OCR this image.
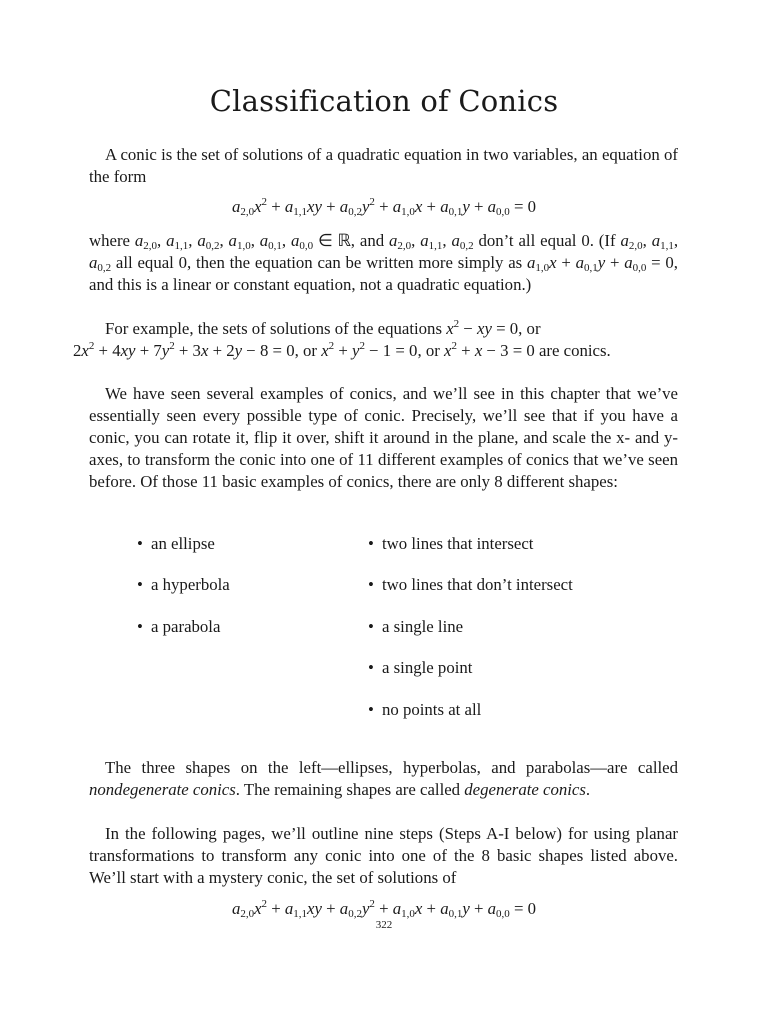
Classification of Conics

A conic is the set of solutions of a quadratic equation in two variables, an equation of the form

$a_{2,0}x^2 + a_{1,1}xy + a_{0,2}y^2 + a_{1,0}x + a_{0,1}y + a_{0,0} = 0$

where $a_{2,0}$, $a_{1,1}$, $a_{0,2}$, $a_{1,0}$, $a_{0,1}$, $a_{0,0}$ ∈ ℝ, and $a_{2,0}$, $a_{1,1}$, $a_{0,2}$ don’t all equal 0. (If $a_{2,0}$, $a_{1,1}$, $a_{0,2}$ all equal 0, then the equation can be written more simply as $a_{1,0}x + a_{0,1}y + a_{0,0} = 0$, and this is a linear or constant equation, not a quadratic equation.)

For example, the sets of solutions of the equations $x^2$ − xy = 0, or
$2x^2 + 4xy + 7y^2 + 3x + 2y - 8 = 0$, or $x^2 + y^2 - 1 = 0$, or $x^2 + x - 3 = 0$ are conics.

We have seen several examples of conics, and we’ll see in this chapter that we’ve essentially seen every possible type of conic. Precisely, we’ll see that if you have a conic, you can rotate it, flip it over, shift it around in the plane, and scale the x- and y-axes, to transform the conic into one of 11 different examples of conics that we’ve seen before. Of those 11 basic examples of conics, there are only 8 different shapes:

• an ellipse
• a hyperbola
• a parabola
• two lines that intersect
• two lines that don’t intersect
• a single line
• a single point
• no points at all

The three shapes on the left—ellipses, hyperbolas, and parabolas—are called nondegenerate conics. The remaining shapes are called degenerate conics.

In the following pages, we’ll outline nine steps (Steps A-I below) for using planar transformations to transform any conic into one of the 8 basic shapes listed above. We’ll start with a mystery conic, the set of solutions of

$a_{2,0}x^2 + a_{1,1}xy + a_{0,2}y^2 + a_{1,0}x + a_{0,1}y + a_{0,0} = 0$
322
